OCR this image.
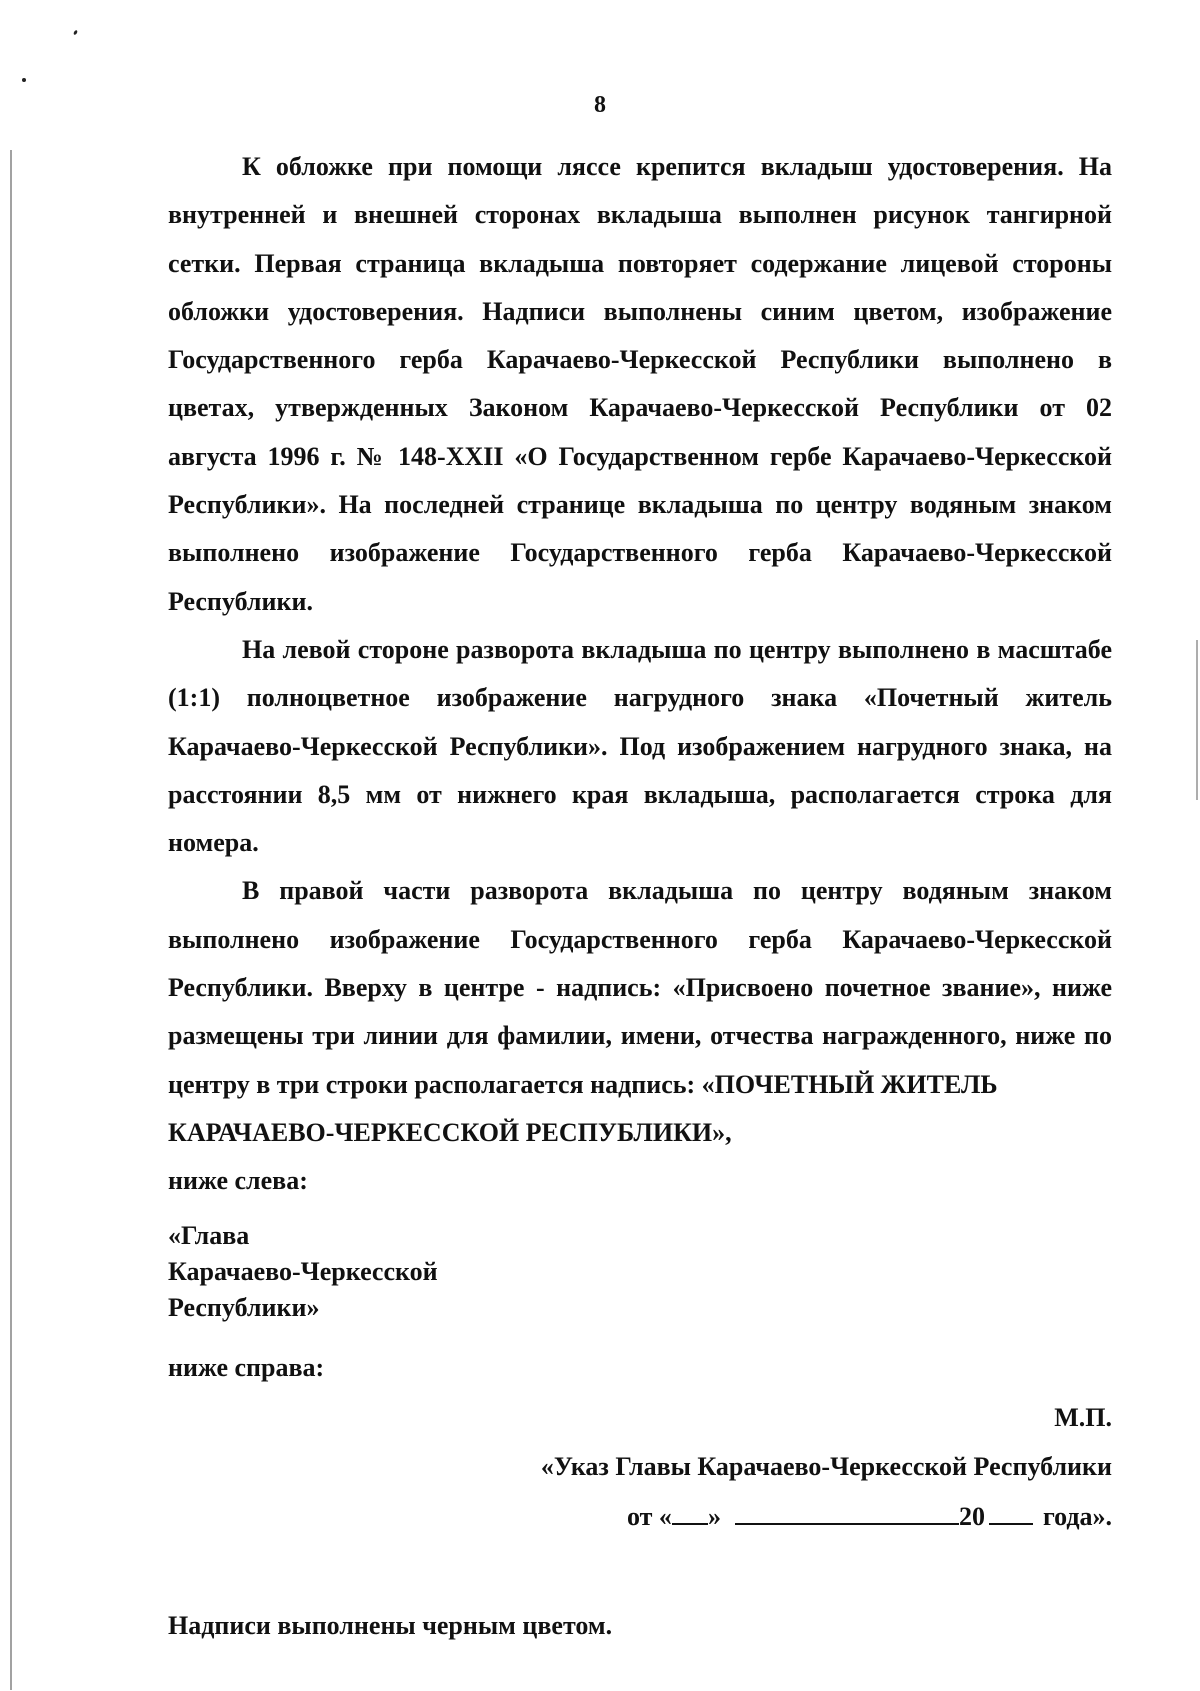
8

К обложке при помощи ляссе крепится вкладыш удостоверения. На внутренней и внешней сторонах вкладыша выполнен рисунок тангирной сетки. Первая страница вкладыша повторяет содержание лицевой стороны обложки удостоверения. Надписи выполнены синим цветом, изображение Государственного герба Карачаево-Черкесской Республики выполнено в цветах, утвержденных Законом Карачаево-Черкесской Республики от 02 августа 1996 г. № 148-XXII «О Государственном гербе Карачаево-Черкесской Республики». На последней странице вкладыша по центру водяным знаком выполнено изображение Государственного герба Карачаево-Черкесской Республики.

На левой стороне разворота вкладыша по центру выполнено в масштабе (1:1) полноцветное изображение нагрудного знака «Почетный житель Карачаево-Черкесской Республики». Под изображением нагрудного знака, на расстоянии 8,5 мм от нижнего края вкладыша, располагается строка для номера.

В правой части разворота вкладыша по центру водяным знаком выполнено изображение Государственного герба Карачаево-Черкесской Республики. Вверху в центре - надпись: «Присвоено почетное звание», ниже размещены три линии для фамилии, имени, отчества награжденного, ниже по центру в три строки располагается надпись: «ПОЧЕТНЫЙ ЖИТЕЛЬ

КАРАЧАЕВО-ЧЕРКЕССКОЙ РЕСПУБЛИКИ»,
ниже слева:
«Глава
Карачаево-Черкесской
Республики»
ниже справа:
М.П.
«Указ Главы Карачаево-Черкесской Республики
от « »	20 года».
Надписи выполнены черным цветом.
